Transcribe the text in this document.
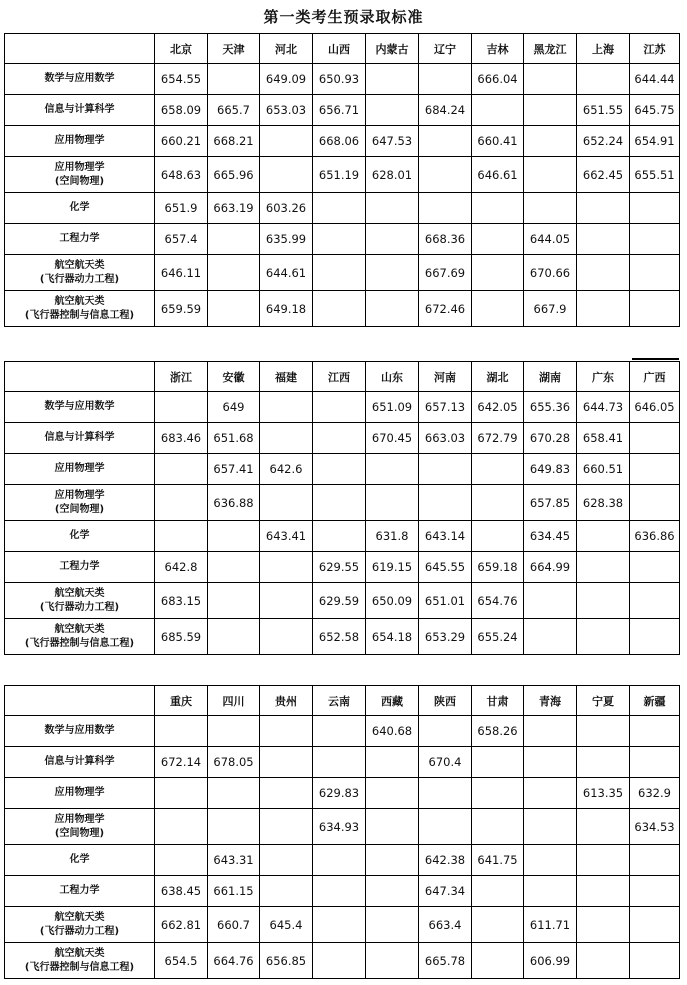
第一类考生预录取标准
	北京	天津	河北	山西	内蒙古	辽宁	吉林	黑龙江	上海	江苏

数学与应用数学	654.55		649.09	650.93			666.04			644.44

信息与计算科学	658.09	665.7	653.03	656.71		684.24			651.55	645.75

应用物理学	660.21	668.21		668.06	647.53		660.41		652.24	654.91

应用物理学
(空间物理)	648.63	665.96		651.19	628.01		646.61		662.45	655.51

化学	651.9	663.19	603.26							

工程力学	657.4		635.99			668.36		644.05		

航空航天类
(飞行器动力工程)	646.11		644.61			667.69		670.66		

航空航天类
(飞行器控制与信息工程)	659.59		649.18			672.46		667.9		
	浙江	安徽	福建	江西	山东	河南	湖北	湖南	广东	广西

数学与应用数学		649			651.09	657.13	642.05	655.36	644.73	646.05

信息与计算科学	683.46	651.68			670.45	663.03	672.79	670.28	658.41	

应用物理学		657.41	642.6					649.83	660.51	

应用物理学
(空间物理)		636.88						657.85	628.38	

化学			643.41		631.8	643.14		634.45		636.86

工程力学	642.8			629.55	619.15	645.55	659.18	664.99		

航空航天类
(飞行器动力工程)	683.15			629.59	650.09	651.01	654.76			

航空航天类
(飞行器控制与信息工程)	685.59			652.58	654.18	653.29	655.24			
	重庆	四川	贵州	云南	西藏	陕西	甘肃	青海	宁夏	新疆

数学与应用数学					640.68		658.26			

信息与计算科学	672.14	678.05				670.4				

应用物理学				629.83					613.35	632.9

应用物理学
(空间物理)				634.93						634.53

化学		643.31				642.38	641.75			

工程力学	638.45	661.15				647.34				

航空航天类
(飞行器动力工程)	662.81	660.7	645.4			663.4		611.71		

航空航天类
(飞行器控制与信息工程)	654.5	664.76	656.85			665.78		606.99		
